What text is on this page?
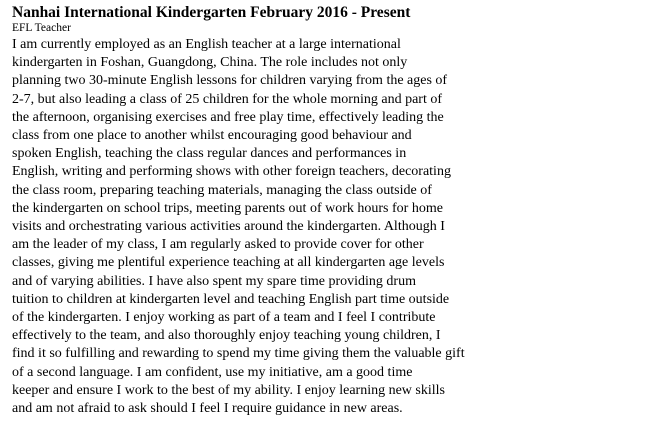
Nanhai International Kindergarten February 2016 - Present

EFL Teacher

I am currently employed as an English teacher at a large international
kindergarten in Foshan, Guangdong, China. The role includes not only
planning two 30-minute English lessons for children varying from the ages of
2-7, but also leading a class of 25 children for the whole morning and part of
the afternoon, organising exercises and free play time, effectively leading the
class from one place to another whilst encouraging good behaviour and
spoken English, teaching the class regular dances and performances in
English, writing and performing shows with other foreign teachers, decorating
the class room, preparing teaching materials, managing the class outside of
the kindergarten on school trips, meeting parents out of work hours for home
visits and orchestrating various activities around the kindergarten. Although I
am the leader of my class, I am regularly asked to provide cover for other
classes, giving me plentiful experience teaching at all kindergarten age levels
and of varying abilities. I have also spent my spare time providing drum
tuition to children at kindergarten level and teaching English part time outside
of the kindergarten. I enjoy working as part of a team and I feel I contribute
effectively to the team, and also thoroughly enjoy teaching young children, I
find it so fulfilling and rewarding to spend my time giving them the valuable gift
of a second language. I am confident, use my initiative, am a good time
keeper and ensure I work to the best of my ability. I enjoy learning new skills
and am not afraid to ask should I feel I require guidance in new areas.
